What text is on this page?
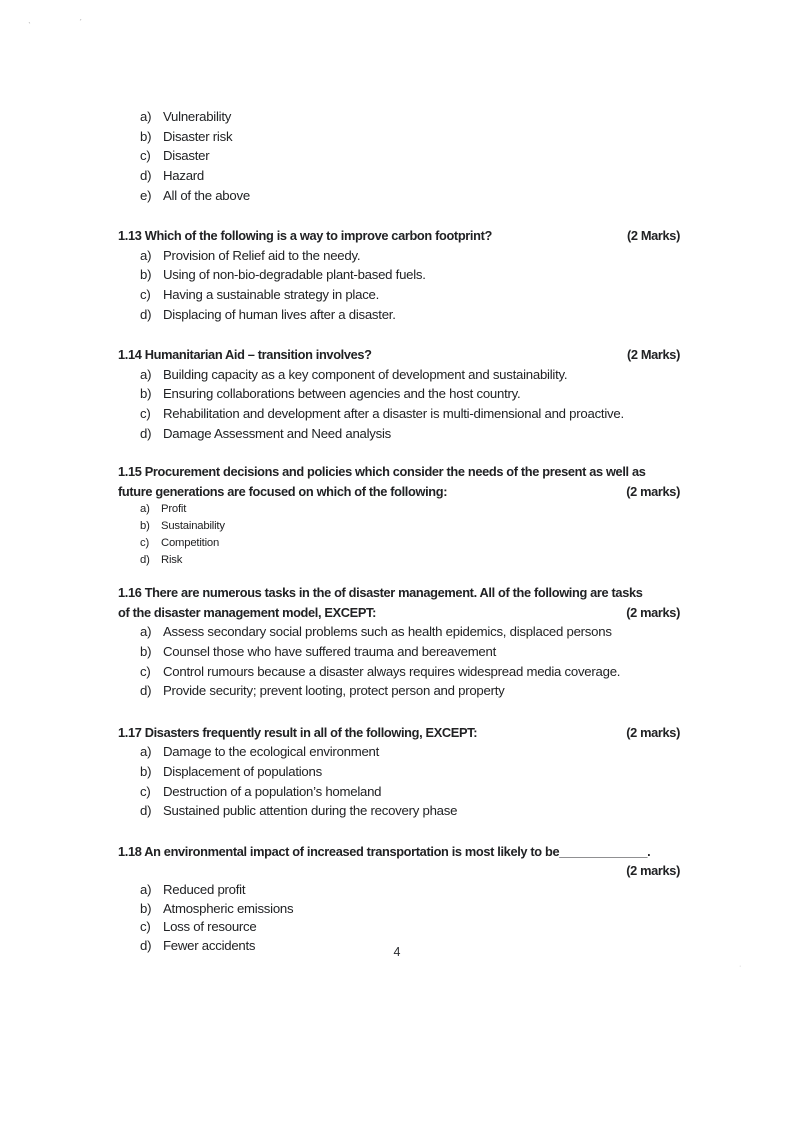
ˋ	ˊ
·
a) Vulnerability
b) Disaster risk
c) Disaster
d) Hazard
e) All of the above
1.13 Which of the following is a way to improve carbon footprint?	(2 Marks)
a) Provision of Relief aid to the needy.
b) Using of non-bio-degradable plant-based fuels.
c) Having a sustainable strategy in place.
d) Displacing of human lives after a disaster.
1.14 Humanitarian Aid – transition involves?	(2 Marks)
a) Building capacity as a key component of development and sustainability.
b) Ensuring collaborations between agencies and the host country.
c) Rehabilitation and development after a disaster is multi-dimensional and proactive.
d) Damage Assessment and Need analysis
1.15 Procurement decisions and policies which consider the needs of the present as well as
future generations are focused on which of the following:	(2 marks)
a) Profit
b) Sustainability
c) Competition
d) Risk
1.16 There are numerous tasks in the of disaster management. All of the following are tasks
of the disaster management model, EXCEPT:	(2 marks)
a) Assess secondary social problems such as health epidemics, displaced persons
b) Counsel those who have suffered trauma and bereavement
c) Control rumours because a disaster always requires widespread media coverage.
d) Provide security; prevent looting, protect person and property
1.17 Disasters frequently result in all of the following, EXCEPT:	(2 marks)
a) Damage to the ecological environment
b) Displacement of populations
c) Destruction of a population’s homeland
d) Sustained public attention during the recovery phase
1.18 An environmental impact of increased transportation is most likely to be_____________.
(2 marks)
a) Reduced profit
b) Atmospheric emissions
c) Loss of resource
d) Fewer accidents	4
